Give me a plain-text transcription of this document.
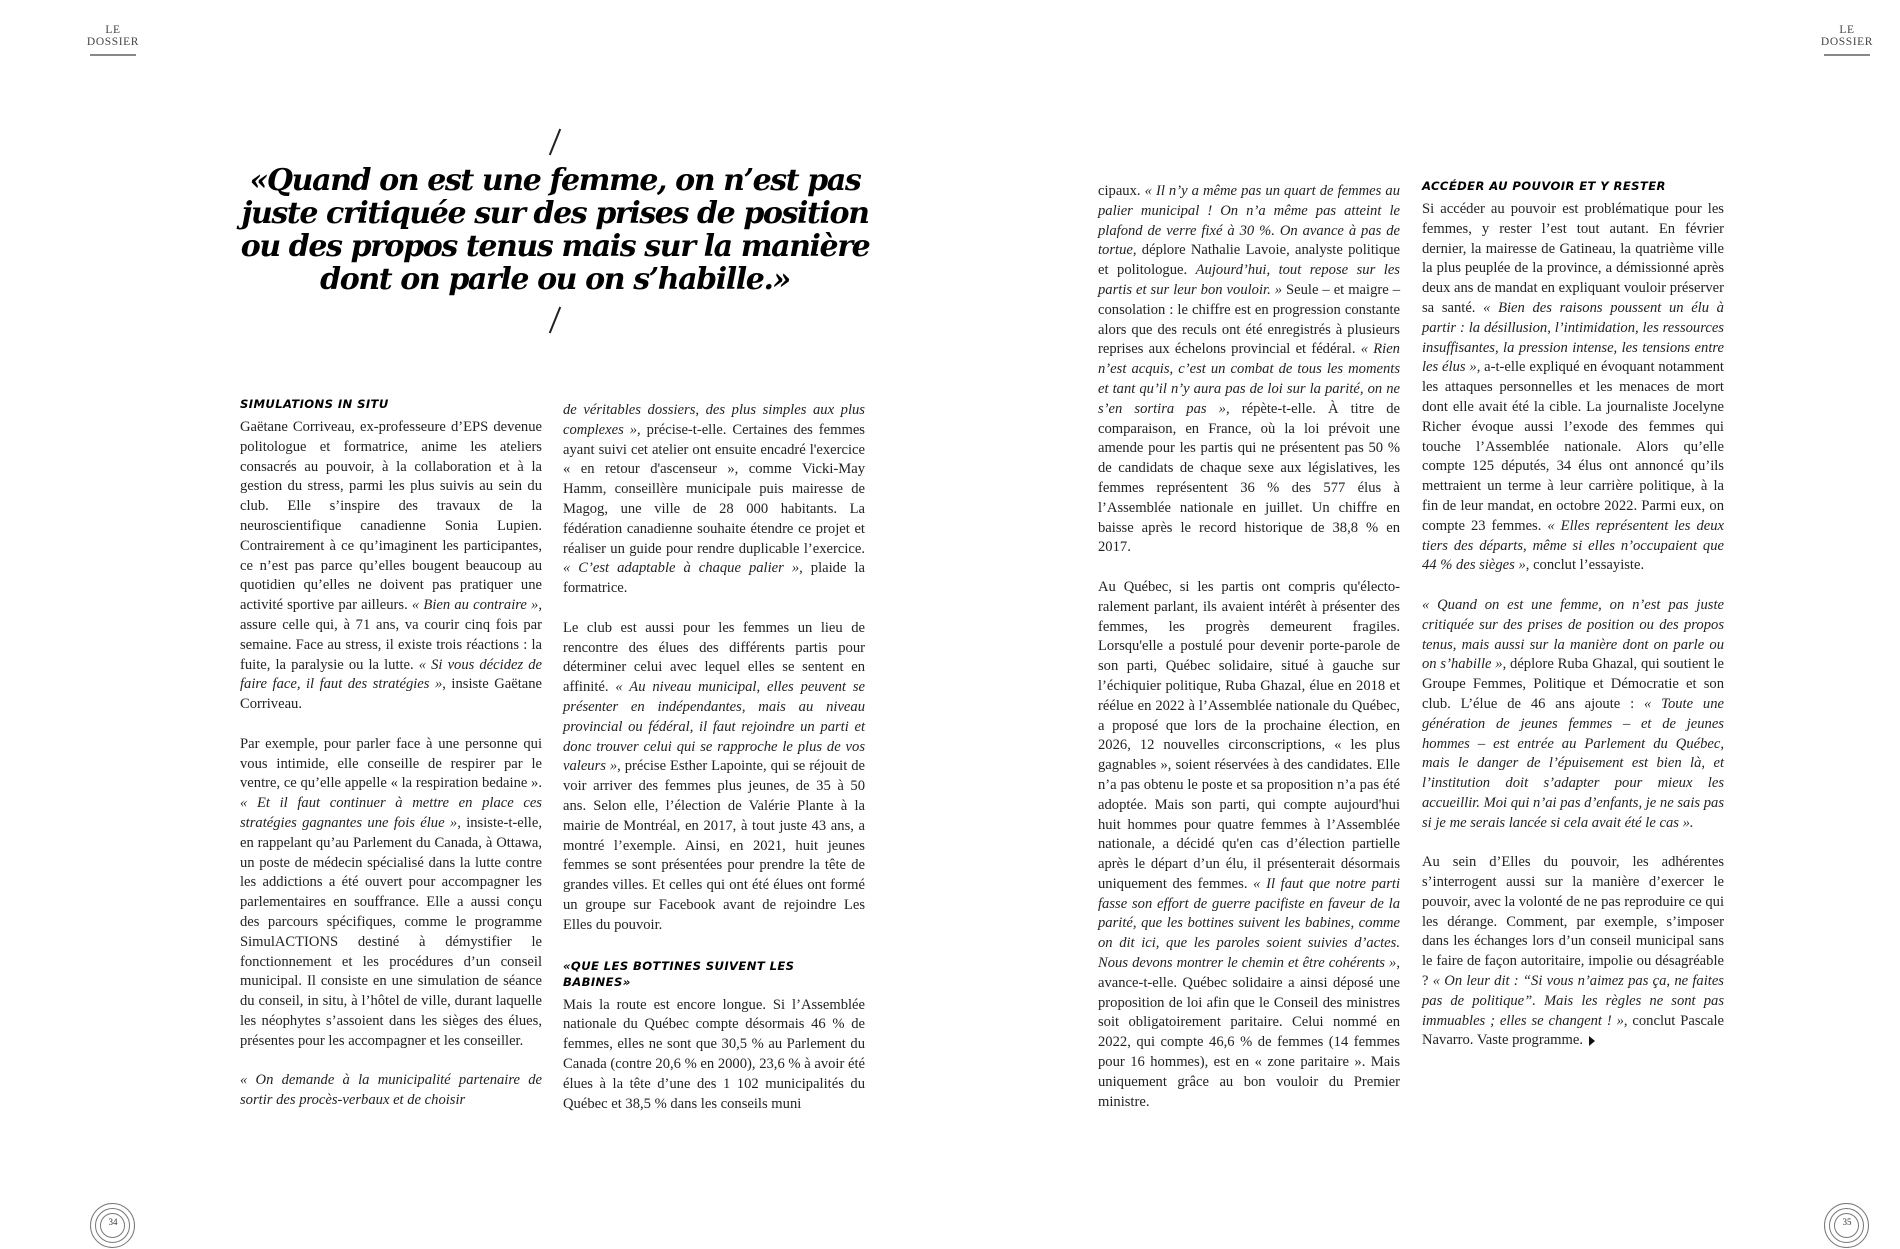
LE DOSSIER
LE DOSSIER
«Quand on est une femme, on n’est pas juste critiquée sur des prises de position ou des propos tenus mais sur la manière dont on parle ou on s’habille.»
SIMULATIONS IN SITU

Gaëtane Corriveau, ex-professeure d’EPS devenue politologue et formatrice, anime les ateliers consacrés au pouvoir, à la collaboration et à la gestion du stress, parmi les plus suivis au sein du club. Elle s’inspire des travaux de la neuroscientifique canadienne Sonia Lupien. Contrairement à ce qu’imaginent les participantes, ce n’est pas parce qu’elles bougent beaucoup au quotidien qu’elles ne doivent pas pratiquer une activité sportive par ailleurs. « Bien au contraire », assure celle qui, à 71 ans, va courir cinq fois par semaine. Face au stress, il existe trois réactions : la fuite, la paralysie ou la lutte. « Si vous décidez de faire face, il faut des stratégies », insiste Gaëtane Corriveau.

Par exemple, pour parler face à une personne qui vous intimide, elle conseille de respirer par le ventre, ce qu’elle appelle « la respiration bedaine ». « Et il faut continuer à mettre en place ces stratégies gagnantes une fois élue », insiste-t-elle, en rappelant qu’au Parlement du Canada, à Ottawa, un poste de médecin spécialisé dans la lutte contre les addictions a été ouvert pour accompagner les parlementaires en souffrance. Elle a aussi conçu des parcours spécifiques, comme le programme SimulACTIONS destiné à démystifier le fonctionnement et les procédures d’un conseil municipal. Il consiste en une simulation de séance du conseil, in situ, à l’hôtel de ville, durant laquelle les néophytes s’assoient dans les sièges des élues, présentes pour les accompagner et les conseiller.

« On demande à la municipalité partenaire de sortir des procès-verbaux et de choisir

de véritables dossiers, des plus simples aux plus complexes », précise-t-elle. Certaines des femmes ayant suivi cet atelier ont ensuite encadré l'exercice « en retour d'ascenseur », comme Vicki-May Hamm, conseillère municipale puis mairesse de Magog, une ville de 28 000 habitants. La fédération canadienne souhaite étendre ce projet et réaliser un guide pour rendre duplicable l’exercice. « C’est adaptable à chaque palier », plaide la formatrice.

Le club est aussi pour les femmes un lieu de rencontre des élues des différents partis pour déterminer celui avec lequel elles se sentent en affinité. « Au niveau municipal, elles peuvent se présenter en indépendantes, mais au niveau provincial ou fédéral, il faut rejoindre un parti et donc trouver celui qui se rapproche le plus de vos valeurs », précise Esther Lapointe, qui se réjouit de voir arriver des femmes plus jeunes, de 35 à 50 ans. Selon elle, l’élection de Valérie Plante à la mairie de Montréal, en 2017, à tout juste 43 ans, a montré l’exemple. Ainsi, en 2021, huit jeunes femmes se sont présentées pour prendre la tête de grandes villes. Et celles qui ont été élues ont formé un groupe sur Facebook avant de rejoindre Les Elles du pouvoir.

«QUE LES BOTTINES SUIVENT LES BABINES»

Mais la route est encore longue. Si l’Assemblée nationale du Québec compte désormais 46 % de femmes, elles ne sont que 30,5 % au Parlement du Canada (contre 20,6 % en 2000), 23,6 % à avoir été élues à la tête d’une des 1 102 municipalités du Québec et 38,5 % dans les conseils muni

cipaux. « Il n’y a même pas un quart de femmes au palier municipal ! On n’a même pas atteint le plafond de verre fixé à 30 %. On avance à pas de tortue, déplore Nathalie Lavoie, analyste politique et politologue. Aujourd’hui, tout repose sur les partis et sur leur bon vouloir. » Seule – et maigre – consolation : le chiffre est en progression constante alors que des reculs ont été enregistrés à plusieurs reprises aux échelons provincial et fédéral. « Rien n’est acquis, c’est un combat de tous les moments et tant qu’il n’y aura pas de loi sur la parité, on ne s’en sortira pas », répète-t-elle. À titre de comparaison, en France, où la loi prévoit une amende pour les partis qui ne présentent pas 50 % de candidats de chaque sexe aux législatives, les femmes représentent 36 % des 577 élus à l’Assemblée nationale en juillet. Un chiffre en baisse après le record historique de 38,8 % en 2017.

Au Québec, si les partis ont compris qu'électoralement parlant, ils avaient intérêt à présenter des femmes, les progrès demeurent fragiles. Lorsqu'elle a postulé pour devenir porte-parole de son parti, Québec solidaire, situé à gauche sur l’échiquier politique, Ruba Ghazal, élue en 2018 et réélue en 2022 à l’Assemblée nationale du Québec, a proposé que lors de la prochaine élection, en 2026, 12 nouvelles circonscriptions, « les plus gagnables », soient réservées à des candidates. Elle n’a pas obtenu le poste et sa proposition n’a pas été adoptée. Mais son parti, qui compte aujourd'hui huit hommes pour quatre femmes à l’Assemblée nationale, a décidé qu'en cas d’élection partielle après le départ d’un élu, il présenterait désormais uniquement des femmes. « Il faut que notre parti fasse son effort de guerre pacifiste en faveur de la parité, que les bottines suivent les babines, comme on dit ici, que les paroles soient suivies d’actes. Nous devons montrer le chemin et être cohérents », avance-t-elle. Québec solidaire a ainsi déposé une proposition de loi afin que le Conseil des ministres soit obligatoirement paritaire. Celui nommé en 2022, qui compte 46,6 % de femmes (14 femmes pour 16 hommes), est en « zone paritaire ». Mais uniquement grâce au bon vouloir du Premier ministre.

ACCÉDER AU POUVOIR ET Y RESTER

Si accéder au pouvoir est problématique pour les femmes, y rester l’est tout autant. En février dernier, la mairesse de Gatineau, la quatrième ville la plus peuplée de la province, a démissionné après deux ans de mandat en expliquant vouloir préserver sa santé. « Bien des raisons poussent un élu à partir : la désillusion, l’intimidation, les ressources insuffisantes, la pression intense, les tensions entre les élus », a-t-elle expliqué en évoquant notamment les attaques personnelles et les menaces de mort dont elle avait été la cible. La journaliste Jocelyne Richer évoque aussi l’exode des femmes qui touche l’Assemblée nationale. Alors qu’elle compte 125 députés, 34 élus ont annoncé qu’ils mettraient un terme à leur carrière politique, à la fin de leur mandat, en octobre 2022. Parmi eux, on compte 23 femmes. « Elles représentent les deux tiers des départs, même si elles n’occupaient que 44 % des sièges », conclut l’essayiste.

« Quand on est une femme, on n’est pas juste critiquée sur des prises de position ou des propos tenus, mais aussi sur la manière dont on parle ou on s’habille », déplore Ruba Ghazal, qui soutient le Groupe Femmes, Politique et Démocratie et son club. L’élue de 46 ans ajoute : « Toute une génération de jeunes femmes – et de jeunes hommes – est entrée au Parlement du Québec, mais le danger de l’épuisement est bien là, et l’institution doit s’adapter pour mieux les accueillir. Moi qui n’ai pas d’enfants, je ne sais pas si je me serais lancée si cela avait été le cas ».

Au sein d’Elles du pouvoir, les adhérentes s’interrogent aussi sur la manière d’exercer le pouvoir, avec la volonté de ne pas reproduire ce qui les dérange. Comment, par exemple, s’imposer dans les échanges lors d’un conseil municipal sans le faire de façon autoritaire, impolie ou désagréable ? « On leur dit : “Si vous n’aimez pas ça, ne faites pas de politique”. Mais les règles ne sont pas immuables ; elles se changent ! », conclut Pascale Navarro. Vaste programme.

34	35
